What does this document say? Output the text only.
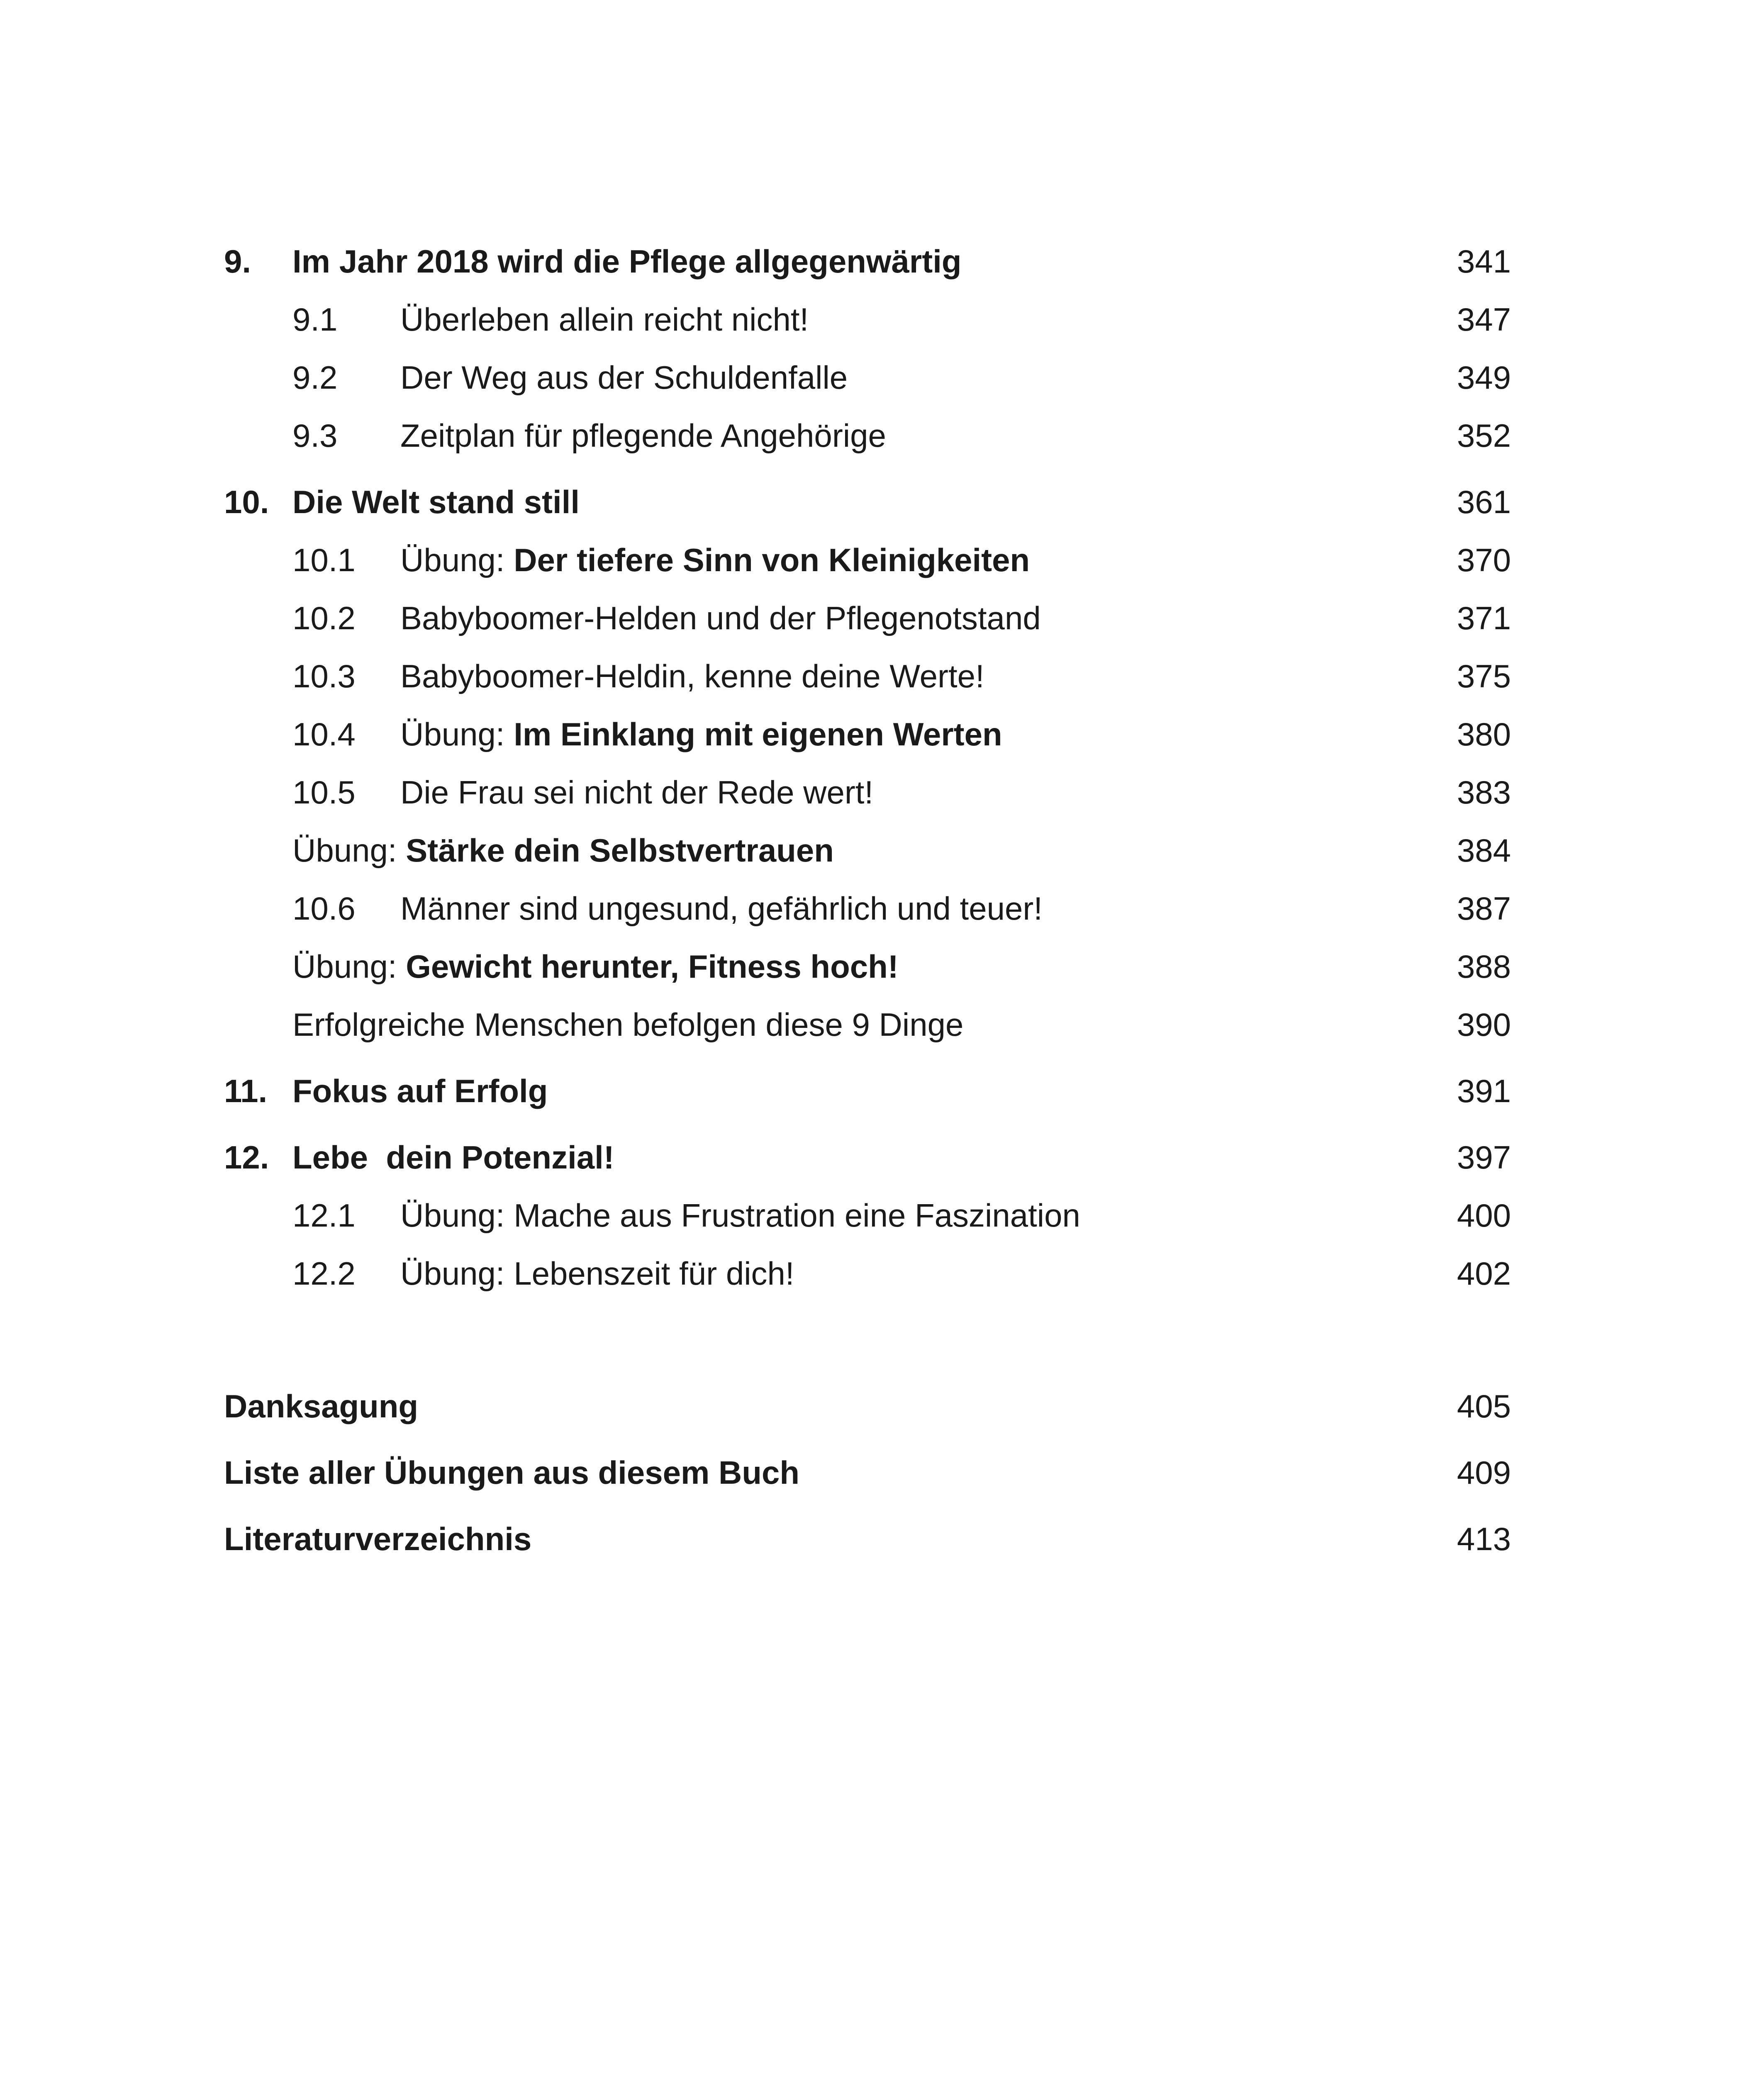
9. Im Jahr 2018 wird die Pflege allgegenwärtig	341
9.1 Überleben allein reicht nicht!	347
9.2 Der Weg aus der Schuldenfalle	349
9.3 Zeitplan für pflegende Angehörige	352
10. Die Welt stand still	361
10.1 Übung: Der tiefere Sinn von Kleinigkeiten	370
10.2 Babyboomer-Helden und der Pflegenotstand	371
10.3 Babyboomer-Heldin, kenne deine Werte!	375
10.4 Übung: Im Einklang mit eigenen Werten	380
10.5 Die Frau sei nicht der Rede wert!	383
Übung: Stärke dein Selbstvertrauen	384
10.6 Männer sind ungesund, gefährlich und teuer!	387
Übung: Gewicht herunter, Fitness hoch!	388
Erfolgreiche Menschen befolgen diese 9 Dinge	390
11. Fokus auf Erfolg	391
12. Lebe  dein Potenzial!	397
12.1 Übung: Mache aus Frustration eine Faszination	400
12.2 Übung: Lebenszeit für dich!	402
Danksagung	405
Liste aller Übungen aus diesem Buch	409
Literaturverzeichnis	413
